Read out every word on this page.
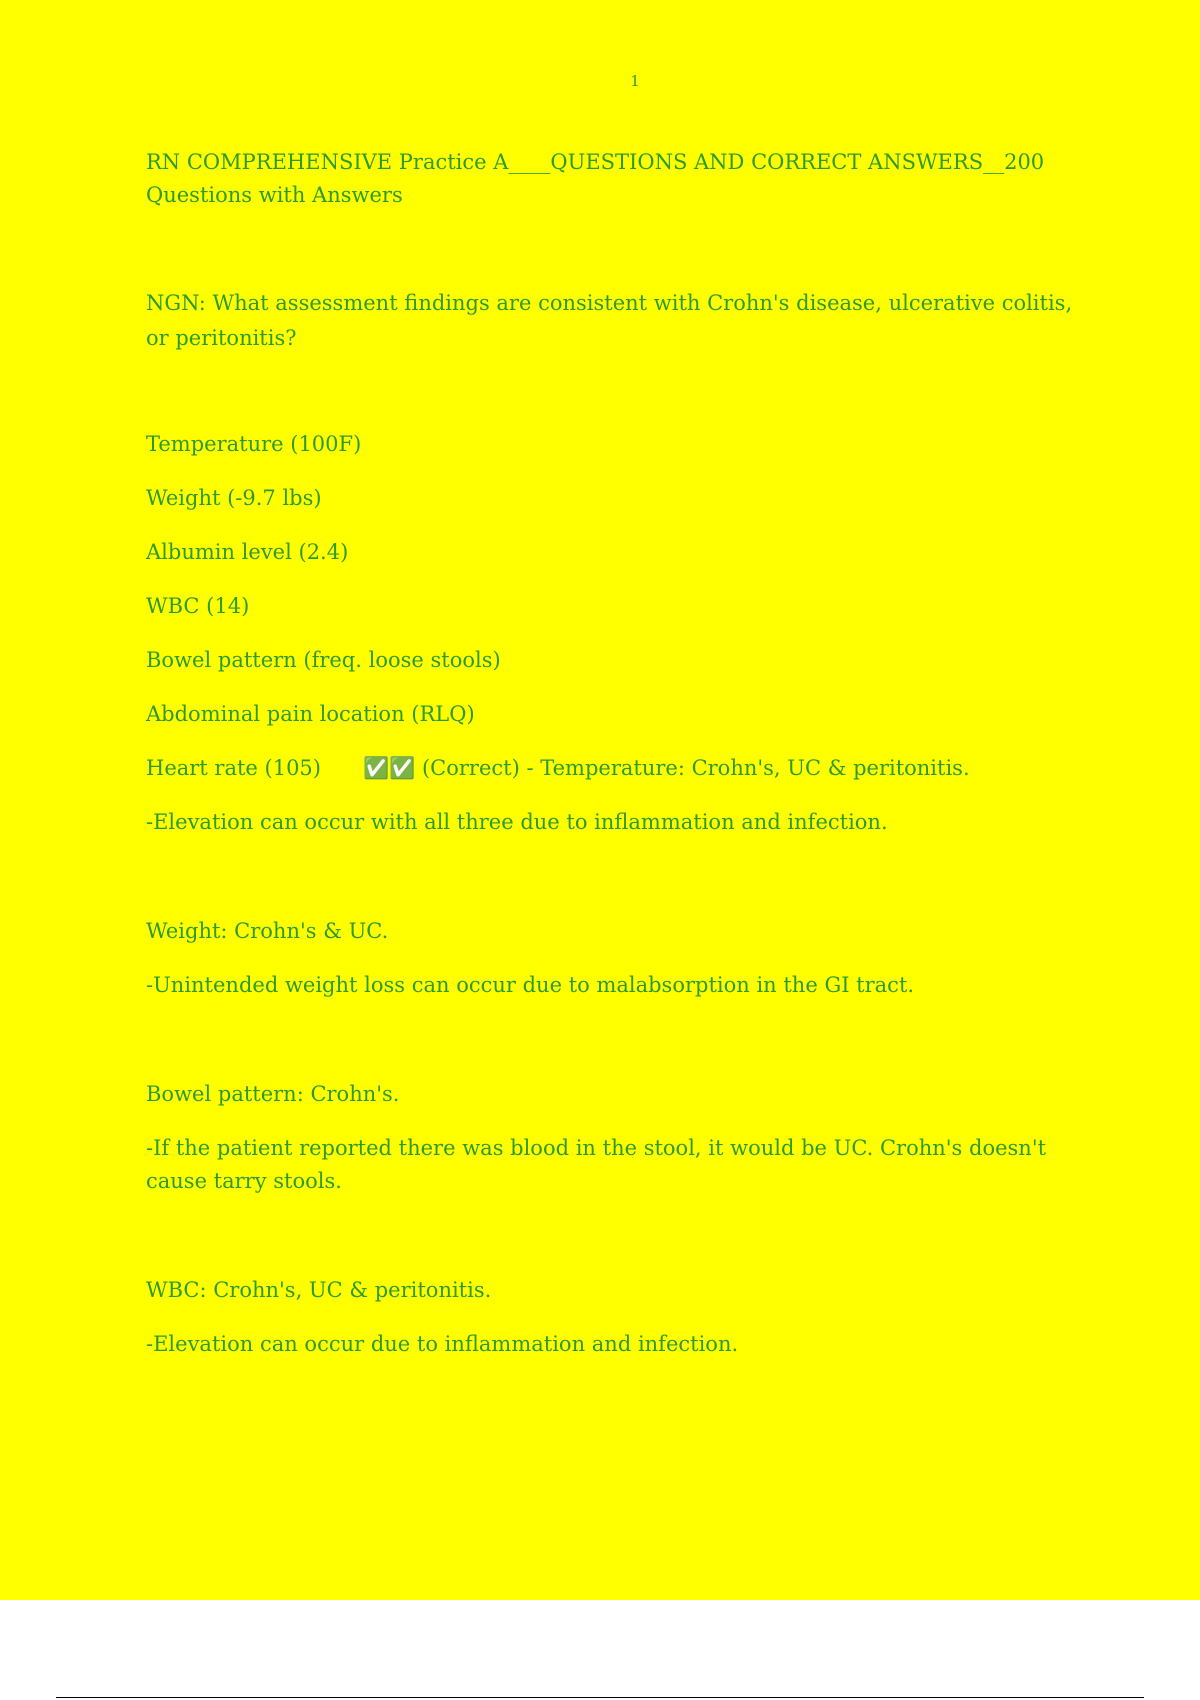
1
RN COMPREHENSIVE Practice A____QUESTIONS AND CORRECT ANSWERS__200 Questions with Answers

NGN: What assessment findings are consistent with Crohn's disease, ulcerative colitis, or peritonitis?

Temperature (100F)
Weight (-9.7 lbs)
Albumin level (2.4)
WBC (14)
Bowel pattern (freq. loose stools)
Abdominal pain location (RLQ)
Heart rate (105) ✅✅ (Correct) - Temperature: Crohn's, UC & peritonitis.

-Elevation can occur with all three due to inflammation and infection.

Weight: Crohn's & UC.

-Unintended weight loss can occur due to malabsorption in the GI tract.

Bowel pattern: Crohn's.

-If the patient reported there was blood in the stool, it would be UC. Crohn's doesn't cause tarry stools.

WBC: Crohn's, UC & peritonitis.

-Elevation can occur due to inflammation and infection.
